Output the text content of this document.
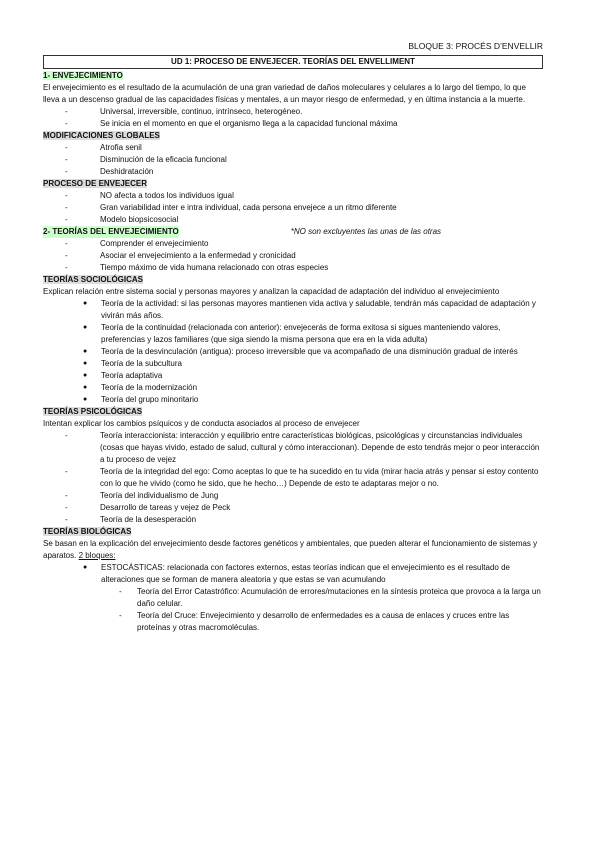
BLOQUE 3: PROCÉS D’ENVELLIR
UD 1: PROCESO DE ENVEJECER. TEORÍAS DEL ENVELLIMENT
1- ENVEJECIMIENTO

El envejecimiento es el resultado de la acumulación de una gran variedad de daños moleculares y celulares a lo largo del tiempo, lo que lleva a un descenso gradual de las capacidades físicas y mentales, a un mayor riesgo de enfermedad, y en última instancia a la muerte.

- Universal, irreversible, continuo, intrínseco, heterogéneo.
- Se inicia en el momento en que el organismo llega a la capacidad funcional máxima
MODIFICACIONES GLOBALES
- Atrofia senil
- Disminución de la eficacia funcional
- Deshidratación
PROCESO DE ENVEJECER
- NO afecta a todos los individuos igual
- Gran variabilidad inter e intra individual, cada persona envejece a un ritmo diferente
- Modelo biopsicosocial
2- TEORÍAS DEL ENVEJECIMIENTO	*NO son excluyentes las unas de las otras
- Comprender el envejecimiento
- Asociar el envejecimiento a la enfermedad y cronicidad
- Tiempo máximo de vida humana relacionado con otras especies
TEORÍAS SOCIOLÓGICAS

Explican relación entre sistema social y personas mayores y analizan la capacidad de adaptación del individuo al envejecimiento

● Teoría de la actividad: si las personas mayores mantienen vida activa y saludable, tendrán más capacidad de adaptación y vivirán más años.
● Teoría de la continuidad (relacionada con anterior): envejecerás de forma exitosa si sigues manteniendo valores, preferencias y lazos familiares (que siga siendo la misma persona que era en la vida adulta)
● Teoría de la desvinculación (antigua): proceso irreversible que va acompañado de una disminución gradual de interés
● Teoría de la subcultura
● Teoría adaptativa
● Teoría de la modernización
● Teoría del grupo minoritario
TEORÍAS PSICOLÓGICAS

Intentan explicar los cambios psíquicos y de conducta asociados al proceso de envejecer

- Teoría interaccionista: interacción y equilibrio entre características biológicas, psicológicas y circunstancias individuales (cosas que hayas vivido, estado de salud, cultural y cómo interaccionan). Depende de esto tendrás mejor o peor interacción a tu proceso de vejez
- Teoría de la integridad del ego: Como aceptas lo que te ha sucedido en tu vida (mirar hacia atrás y pensar si estoy contento con lo que he vivido (como he sido, que he hecho…) Depende de esto te adaptaras mejor o no.
- Teoría del individualismo de Jung
- Desarrollo de tareas y vejez de Peck
- Teoría de la desesperación
TEORÍAS BIOLÓGICAS

Se basan en la explicación del envejecimiento desde factores genéticos y ambientales, que pueden alterar el funcionamiento de sistemas y aparatos. 2 bloques:

● ESTOCÁSTICAS: relacionada con factores externos, estas teorías indican que el envejecimiento es el resultado de alteraciones que se forman de manera aleatoria y que estas se van acumulando
- Teoría del Error Catastrófico: Acumulación de errores/mutaciones en la síntesis proteica que provoca a la larga un daño celular.
- Teoría del Cruce: Envejecimiento y desarrollo de enfermedades es a causa de enlaces y cruces entre las proteínas y otras macromoléculas.
